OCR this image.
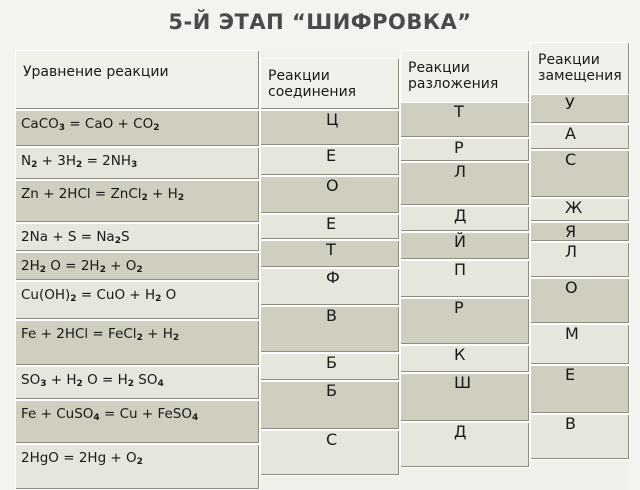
5-Й ЭТАП “ШИФРОВКА”
Уравнение реакции
CaCO$_3$ = CaO + $CO_2$
$N_2 + 3H_2 = 2NH_3$
Zn + 2HCl = ZnCl$_2$ + $H_2$
$2Na + S = Na_2S$
$2H_2$ $O = 2H_2 + O_2$
$Cu(OH)_2$ = CuO + $H_2$ O
Fe + 2HCl = FeCl$_2$ + $H_2$
$SO_3 + H_2$ $O = H_2$ $SO_4$
Fe + CuSO$_4$ = Cu + FeSO$_4$
$2HgO = 2Hg + O_2$
Реакции соединения
Ц
Е
О
Е
Т
Ф
В
Б
Б
С
Реакции разложения
Т
Р
Л
Д
Й
П
Р
К
Ш
Д
Реакции замещения
У
А
С
Ж
Я
Л
О
М
Е
В
